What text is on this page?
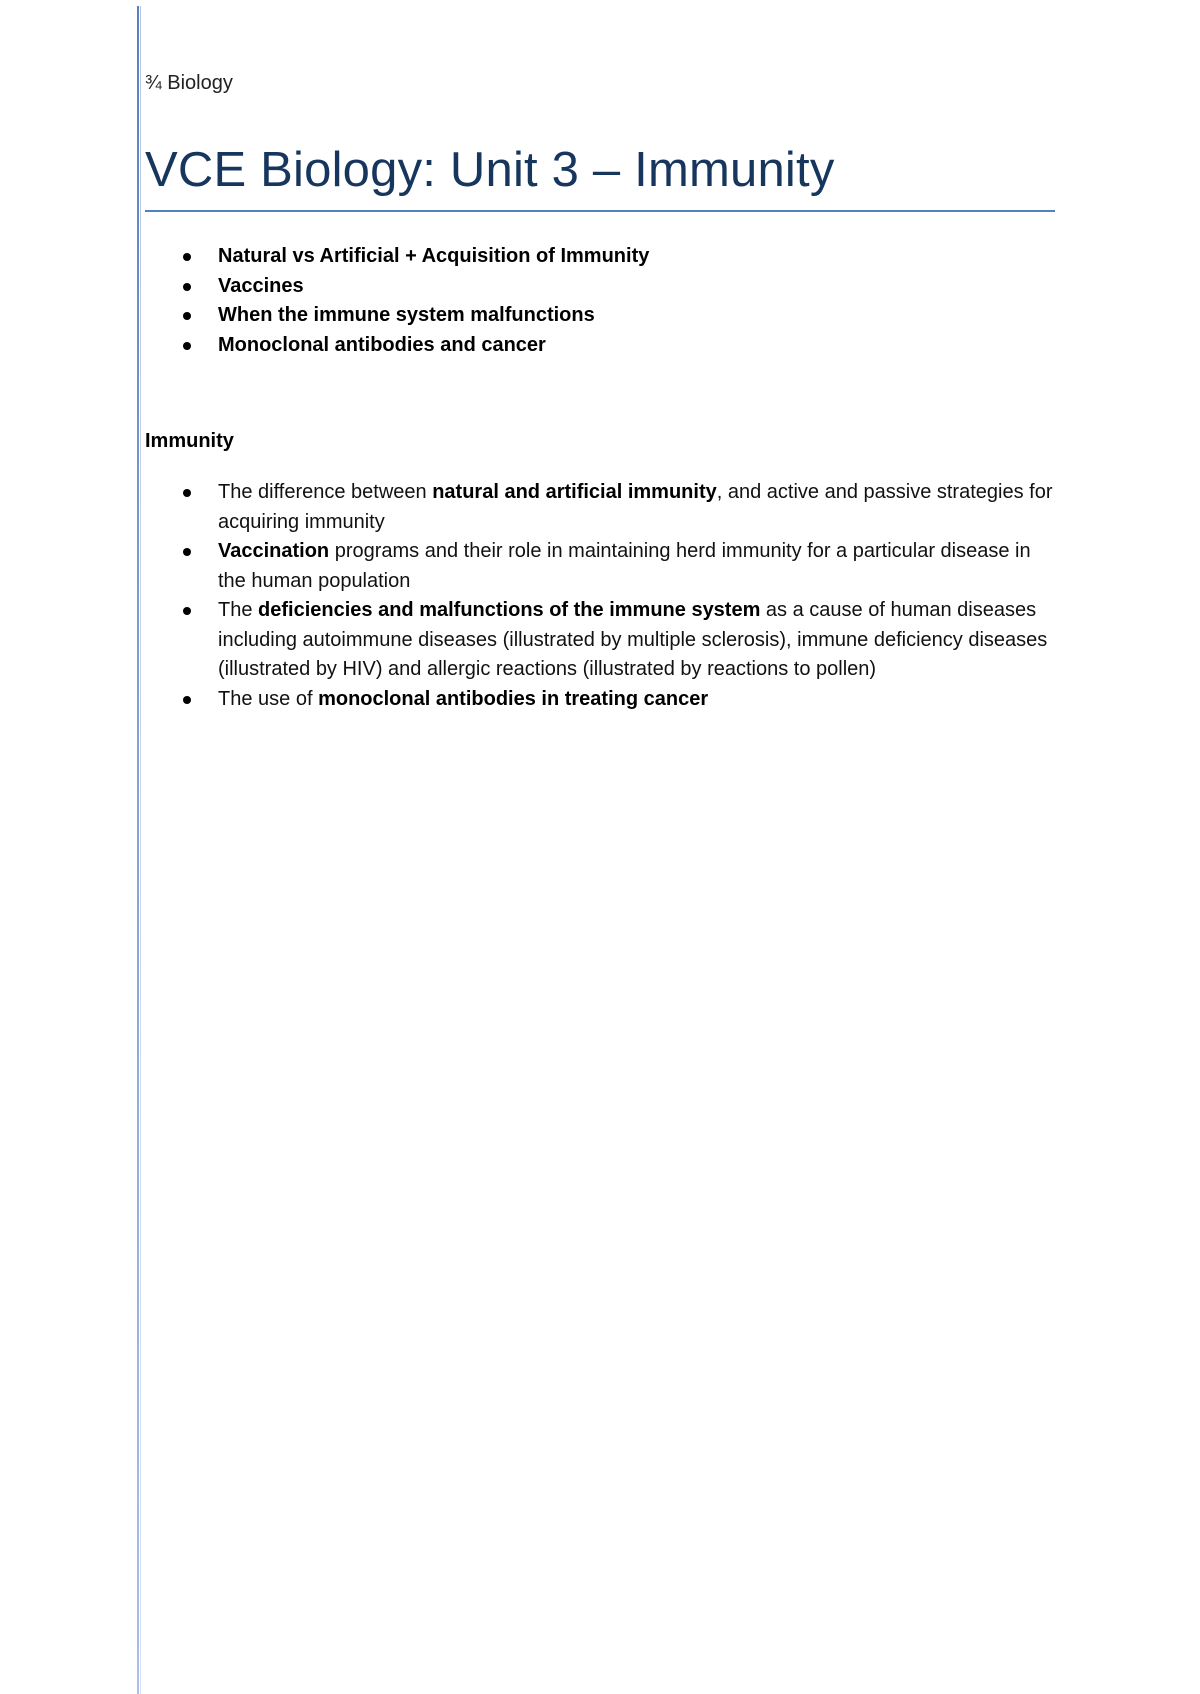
¾ Biology
VCE Biology: Unit 3 – Immunity
Natural vs Artificial + Acquisition of Immunity
Vaccines
When the immune system malfunctions
Monoclonal antibodies and cancer
Immunity
The difference between natural and artificial immunity, and active and passive strategies for acquiring immunity
Vaccination programs and their role in maintaining herd immunity for a particular disease in the human population
The deficiencies and malfunctions of the immune system as a cause of human diseases including autoimmune diseases (illustrated by multiple sclerosis), immune deficiency diseases (illustrated by HIV) and allergic reactions (illustrated by reactions to pollen)
The use of monoclonal antibodies in treating cancer
